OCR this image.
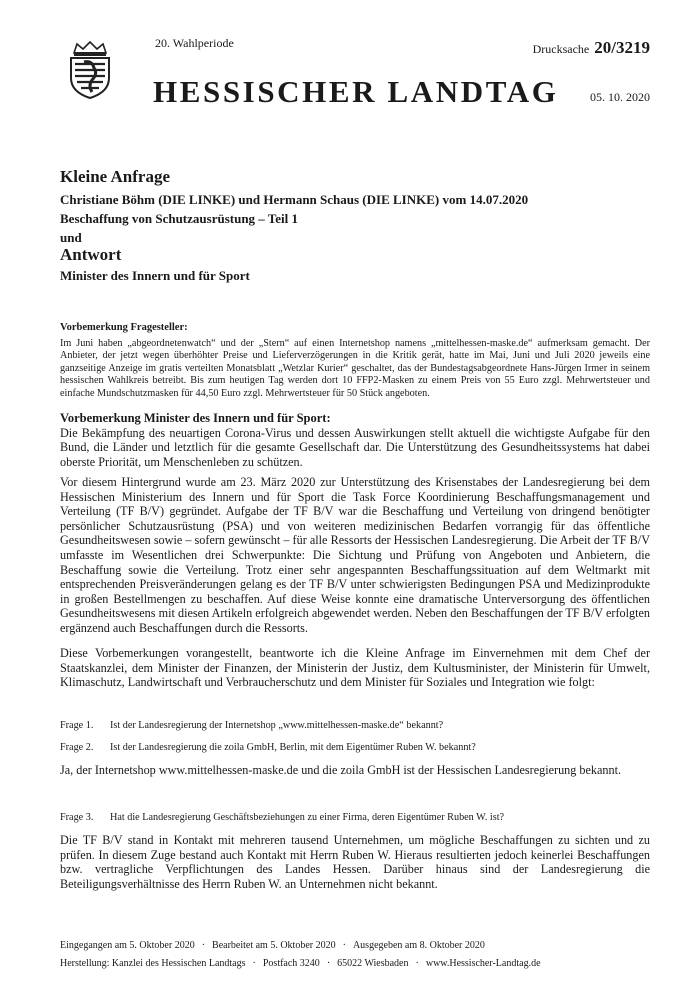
20. Wahlperiode	Drucksache 20/3219
HESSISCHER LANDTAG	05. 10. 2020
Kleine Anfrage
Christiane Böhm (DIE LINKE) und Hermann Schaus (DIE LINKE) vom 14.07.2020
Beschaffung von Schutzausrüstung – Teil 1
und
Antwort
Minister des Innern und für Sport
Vorbemerkung Fragesteller:

Im Juni haben „abgeordnetenwatch“ und der „Stern“ auf einen Internetshop namens „mittelhessen-maske.de“ aufmerksam gemacht. Der Anbieter, der jetzt wegen überhöhter Preise und Lieferverzögerungen in die Kritik gerät, hatte im Mai, Juni und Juli 2020 jeweils eine ganzseitige Anzeige im gratis verteilten Monatsblatt „Wetzlar Kurier“ geschaltet, das der Bundestagsabgeordnete Hans-Jürgen Irmer in seinem hessischen Wahlkreis betreibt. Bis zum heutigen Tag werden dort 10 FFP2-Masken zu einem Preis von 55 Euro zzgl. Mehrwertsteuer und einfache Mundschutzmasken für 44,50 Euro zzgl. Mehrwertsteuer für 50 Stück angeboten.

Vorbemerkung Minister des Innern und für Sport:

Die Bekämpfung des neuartigen Corona-Virus und dessen Auswirkungen stellt aktuell die wichtigste Aufgabe für den Bund, die Länder und letztlich für die gesamte Gesellschaft dar. Die Unterstützung des Gesundheitssystems hat dabei oberste Priorität, um Menschenleben zu schützen.

Vor diesem Hintergrund wurde am 23. März 2020 zur Unterstützung des Krisenstabes der Landesregierung bei dem Hessischen Ministerium des Innern und für Sport die Task Force Koordinierung Beschaffungsmanagement und Verteilung (TF B/V) gegründet. Aufgabe der TF B/V war die Beschaffung und Verteilung von dringend benötigter persönlicher Schutzausrüstung (PSA) und von weiteren medizinischen Bedarfen vorrangig für das öffentliche Gesundheitswesen sowie – sofern gewünscht – für alle Ressorts der Hessischen Landesregierung. Die Arbeit der TF B/V umfasste im Wesentlichen drei Schwerpunkte: Die Sichtung und Prüfung von Angeboten und Anbietern, die Beschaffung sowie die Verteilung. Trotz einer sehr angespannten Beschaffungssituation auf dem Weltmarkt mit entsprechenden Preisveränderungen gelang es der TF B/V unter schwierigsten Bedingungen PSA und Medizinprodukte in großen Bestellmengen zu beschaffen. Auf diese Weise konnte eine dramatische Unterversorgung des öffentlichen Gesundheitswesens mit diesen Artikeln erfolgreich abgewendet werden. Neben den Beschaffungen der TF B/V erfolgten ergänzend auch Beschaffungen durch die Ressorts.

Diese Vorbemerkungen vorangestellt, beantworte ich die Kleine Anfrage im Einvernehmen mit dem Chef der Staatskanzlei, dem Minister der Finanzen, der Ministerin der Justiz, dem Kultusminister, der Ministerin für Umwelt, Klimaschutz, Landwirtschaft und Verbraucherschutz und dem Minister für Soziales und Integration wie folgt:

Frage 1.	Ist der Landesregierung der Internetshop „www.mittelhessen-maske.de“ bekannt?
Frage 2.	Ist der Landesregierung die zoila GmbH, Berlin, mit dem Eigentümer Ruben W. bekannt?

Ja, der Internetshop www.mittelhessen-maske.de und die zoila GmbH ist der Hessischen Landesregierung bekannt.

Frage 3.	Hat die Landesregierung Geschäftsbeziehungen zu einer Firma, deren Eigentümer Ruben W. ist?

Die TF B/V stand in Kontakt mit mehreren tausend Unternehmen, um mögliche Beschaffungen zu sichten und zu prüfen. In diesem Zuge bestand auch Kontakt mit Herrn Ruben W. Hieraus resultierten jedoch keinerlei Beschaffungen bzw. vertragliche Verpflichtungen des Landes Hessen. Darüber hinaus sind der Landesregierung die Beteiligungsverhältnisse des Herrn Ruben W. an Unternehmen nicht bekannt.

Eingegangen am 5. Oktober 2020 · Bearbeitet am 5. Oktober 2020 · Ausgegeben am 8. Oktober 2020
Herstellung: Kanzlei des Hessischen Landtags · Postfach 3240 · 65022 Wiesbaden · www.Hessischer-Landtag.de
